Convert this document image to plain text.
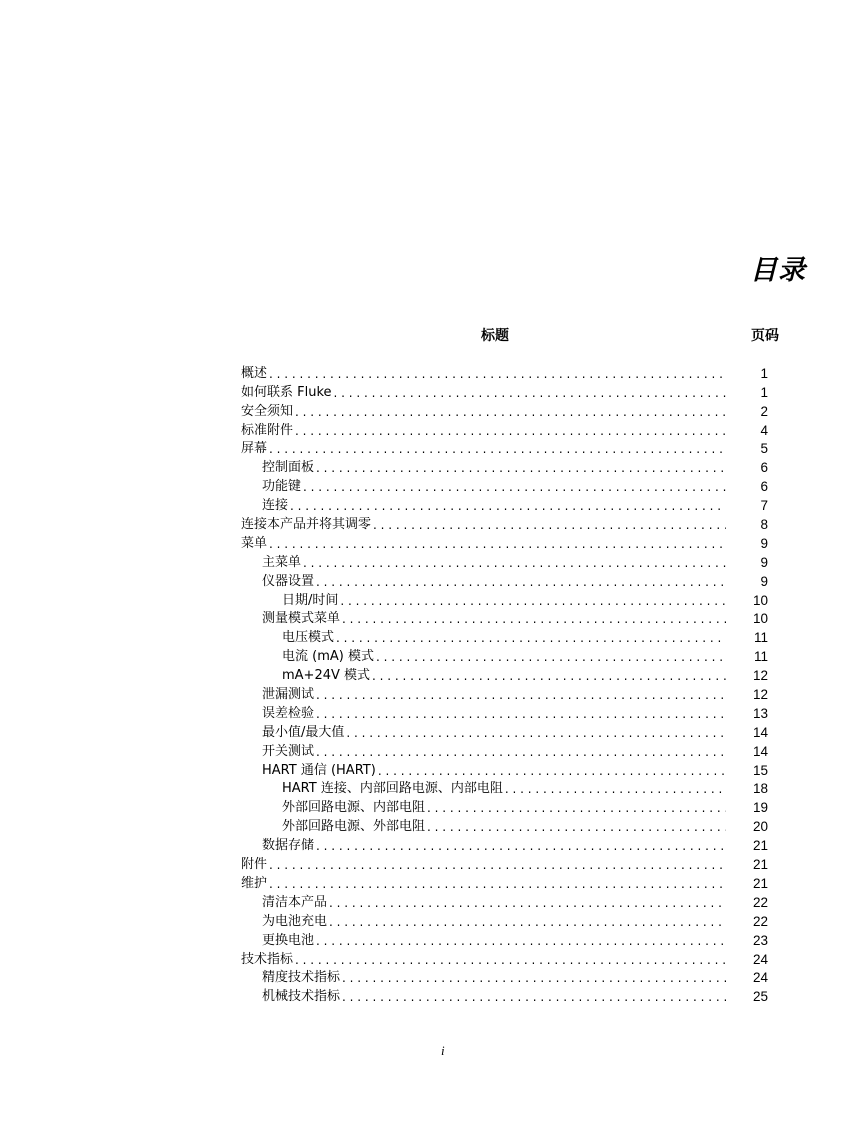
目录
标题	页码
概述 . . .	1
如何联系 Fluke . . .	1
安全须知 . . .	2
标准附件 . . .	4
屏幕 . . .	5
控制面板 . . .	6
功能键 . . .	6
连接 . . .	7
连接本产品并将其调零 . . .	8
菜单 . . .	9
主菜单 . . .	9
仪器设置 . . .	9
日期/时间 . . .	10
测量模式菜单 . . .	10
电压模式 . . .	11
电流 (mA) 模式 . . .	11
mA+24V 模式 . . .	12
泄漏测试 . . .	12
误差检验 . . .	13
最小值/最大值 . . .	14
开关测试 . . .	14
HART 通信 (HART) . . .	15
HART 连接、内部回路电源、内部电阻 . . .	18
外部回路电源、内部电阻 . . .	19
外部回路电源、外部电阻 . . .	20
数据存储 . . .	21
附件 . . .	21
维护 . . .	21
清洁本产品 . . .	22
为电池充电 . . .	22
更换电池 . . .	23
技术指标 . . .	24
精度技术指标 . . .	24
机械技术指标 . . .	25
i
